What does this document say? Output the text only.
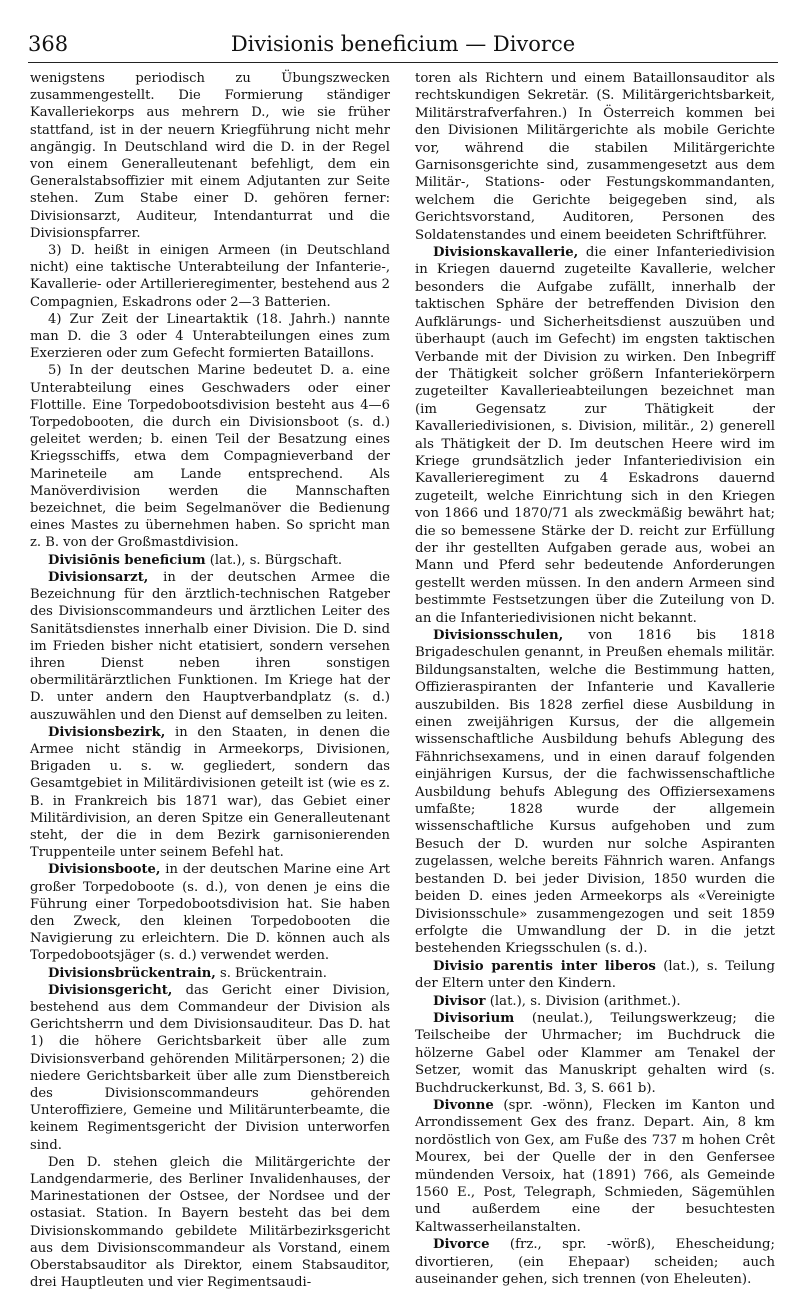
368	Divisionis beneficium — Divorce

wenigstens periodisch zu Übungszwecken zusammengestellt. Die Formierung ständiger Kavalleriekorps aus mehrern D., wie sie früher stattfand, ist in der neuern Kriegführung nicht mehr angängig. In Deutschland wird die D. in der Regel von einem Generalleutenant befehligt, dem ein Generalstabsoffizier mit einem Adjutanten zur Seite stehen. Zum Stabe einer D. gehören ferner: Divisionsarzt, Auditeur, Intendanturrat und die Divisionspfarrer.

3) D. heißt in einigen Armeen (in Deutschland nicht) eine taktische Unterabteilung der Infanterie-, Kavallerie- oder Artillerieregimenter, bestehend aus 2 Compagnien, Eskadrons oder 2—3 Batterien.

4) Zur Zeit der Lineartaktik (18. Jahrh.) nannte man D. die 3 oder 4 Unterabteilungen eines zum Exerzieren oder zum Gefecht formierten Bataillons.

5) In der deutschen Marine bedeutet D. a. eine Unterabteilung eines Geschwaders oder einer Flottille. Eine Torpedobootsdivision besteht aus 4—6 Torpedobooten, die durch ein Divisionsboot (s. d.) geleitet werden; b. einen Teil der Besatzung eines Kriegsschiffs, etwa dem Compagnieverband der Marineteile am Lande entsprechend. Als Manöverdivision werden die Mannschaften bezeichnet, die beim Segelmanöver die Bedienung eines Mastes zu übernehmen haben. So spricht man z. B. von der Großmastdivision.

Divisiōnis beneficium (lat.), s. Bürgschaft.

Divisionsarzt, in der deutschen Armee die Bezeichnung für den ärztlich-technischen Ratgeber des Divisionscommandeurs und ärztlichen Leiter des Sanitätsdienstes innerhalb einer Division. Die D. sind im Frieden bisher nicht etatisiert, sondern versehen ihren Dienst neben ihren sonstigen obermilitärärztlichen Funktionen. Im Kriege hat der D. unter andern den Hauptverbandplatz (s. d.) auszuwählen und den Dienst auf demselben zu leiten.

Divisionsbezirk, in den Staaten, in denen die Armee nicht ständig in Armeekorps, Divisionen, Brigaden u. s. w. gegliedert, sondern das Gesamtgebiet in Militärdivisionen geteilt ist (wie es z. B. in Frankreich bis 1871 war), das Gebiet einer Militärdivision, an deren Spitze ein Generalleutenant steht, der die in dem Bezirk garnisonierenden Truppenteile unter seinem Befehl hat.

Divisionsboote, in der deutschen Marine eine Art großer Torpedoboote (s. d.), von denen je eins die Führung einer Torpedobootsdivision hat. Sie haben den Zweck, den kleinen Torpedobooten die Navigierung zu erleichtern. Die D. können auch als Torpedobootsjäger (s. d.) verwendet werden.

Divisionsbrückentrain, s. Brückentrain.

Divisionsgericht, das Gericht einer Division, bestehend aus dem Commandeur der Division als Gerichtsherrn und dem Divisionsauditeur. Das D. hat 1) die höhere Gerichtsbarkeit über alle zum Divisionsverband gehörenden Militärpersonen; 2) die niedere Gerichtsbarkeit über alle zum Dienstbereich des Divisionscommandeurs gehörenden Unteroffiziere, Gemeine und Militärunterbeamte, die keinem Regimentsgericht der Division unterworfen sind.

Den D. stehen gleich die Militärgerichte der Landgendarmerie, des Berliner Invalidenhauses, der Marinestationen der Ostsee, der Nordsee und der ostasiat. Station. In Bayern besteht das bei dem Divisionskommando gebildete Militärbezirksgericht aus dem Divisionscommandeur als Vorstand, einem Oberstabsauditor als Direktor, einem Stabsauditor, drei Hauptleuten und vier Regimentsaudi-

toren als Richtern und einem Bataillonsauditor als rechtskundigen Sekretär. (S. Militärgerichtsbarkeit, Militärstrafverfahren.) In Österreich kommen bei den Divisionen Militärgerichte als mobile Gerichte vor, während die stabilen Militärgerichte Garnisonsgerichte sind, zusammengesetzt aus dem Militär-, Stations- oder Festungskommandanten, welchem die Gerichte beigegeben sind, als Gerichtsvorstand, Auditoren, Personen des Soldatenstandes und einem beeideten Schriftführer.

Divisionskavallerie, die einer Infanteriedivision in Kriegen dauernd zugeteilte Kavallerie, welcher besonders die Aufgabe zufällt, innerhalb der taktischen Sphäre der betreffenden Division den Aufklärungs- und Sicherheitsdienst auszuüben und überhaupt (auch im Gefecht) im engsten taktischen Verbande mit der Division zu wirken. Den Inbegriff der Thätigkeit solcher größern Infanteriekörpern zugeteilter Kavallerieabteilungen bezeichnet man (im Gegensatz zur Thätigkeit der Kavalleriedivisionen, s. Division, militär., 2) generell als Thätigkeit der D. Im deutschen Heere wird im Kriege grundsätzlich jeder Infanteriedivision ein Kavallerieregiment zu 4 Eskadrons dauernd zugeteilt, welche Einrichtung sich in den Kriegen von 1866 und 1870/71 als zweckmäßig bewährt hat; die so bemessene Stärke der D. reicht zur Erfüllung der ihr gestellten Aufgaben gerade aus, wobei an Mann und Pferd sehr bedeutende Anforderungen gestellt werden müssen. In den andern Armeen sind bestimmte Festsetzungen über die Zuteilung von D. an die Infanteriedivisionen nicht bekannt.

Divisionsschulen, von 1816 bis 1818 Brigadeschulen genannt, in Preußen ehemals militär. Bildungsanstalten, welche die Bestimmung hatten, Offizieraspiranten der Infanterie und Kavallerie auszubilden. Bis 1828 zerfiel diese Ausbildung in einen zweijährigen Kursus, der die allgemein wissenschaftliche Ausbildung behufs Ablegung des Fähnrichsexamens, und in einen darauf folgenden einjährigen Kursus, der die fachwissenschaftliche Ausbildung behufs Ablegung des Offiziersexamens umfaßte; 1828 wurde der allgemein wissenschaftliche Kursus aufgehoben und zum Besuch der D. wurden nur solche Aspiranten zugelassen, welche bereits Fähnrich waren. Anfangs bestanden D. bei jeder Division, 1850 wurden die beiden D. eines jeden Armeekorps als «Vereinigte Divisionsschule» zusammengezogen und seit 1859 erfolgte die Umwandlung der D. in die jetzt bestehenden Kriegsschulen (s. d.).

Divisio parentis inter liberos (lat.), s. Teilung der Eltern unter den Kindern.

Divisor (lat.), s. Division (arithmet.).

Divisorium (neulat.), Teilungswerkzeug; die Teilscheibe der Uhrmacher; im Buchdruck die hölzerne Gabel oder Klammer am Tenakel der Setzer, womit das Manuskript gehalten wird (s. Buchdruckerkunst, Bd. 3, S. 661 b).

Divonne (spr. -wönn), Flecken im Kanton und Arrondissement Gex des franz. Depart. Ain, 8 km nordöstlich von Gex, am Fuße des 737 m hohen Crêt Mourex, bei der Quelle der in den Genfersee mündenden Versoix, hat (1891) 766, als Gemeinde 1560 E., Post, Telegraph, Schmieden, Sägemühlen und außerdem eine der besuchtesten Kaltwasserheilanstalten.

Divorce (frz., spr. -wörß), Ehescheidung; divortieren, (ein Ehepaar) scheiden; auch auseinander gehen, sich trennen (von Eheleuten).
